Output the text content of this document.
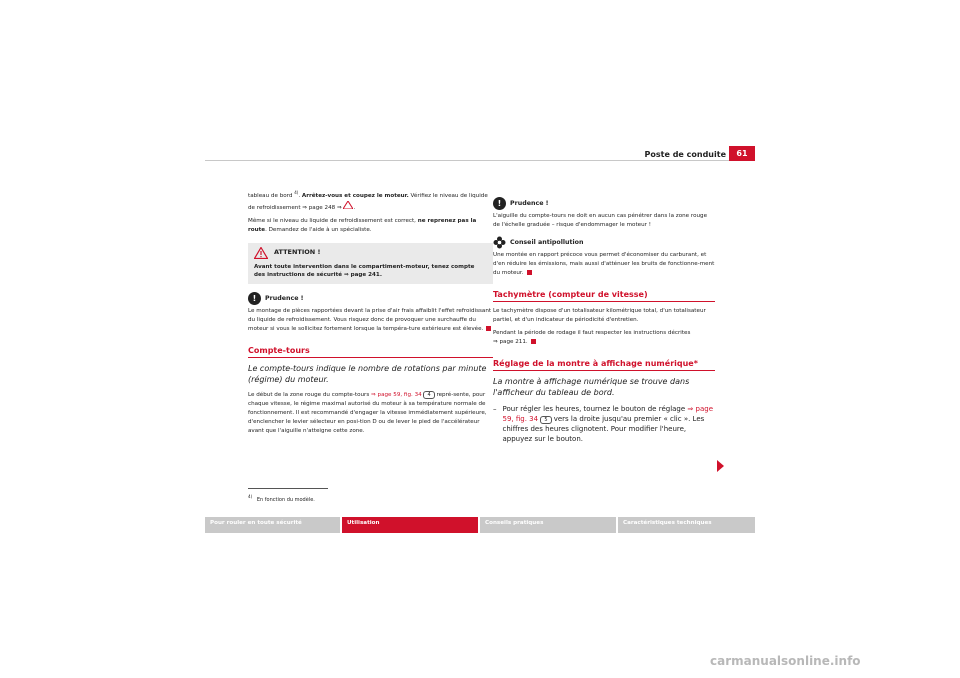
Poste de conduite	61

tableau de bord $^{4)}$. Arrêtez-vous et coupez le moteur. Vérifiez le niveau de liquide de refroidissement ⇒ page 248 ⇒ .

Même si le niveau du liquide de refroidissement est correct, ne reprenez pas la route. Demandez de l'aide à un spécialiste.

ATTENTION !
Avant toute intervention dans le compartiment-moteur, tenez compte des instructions de sécurité ⇒ page 241.
!	Prudence !

Le montage de pièces rapportées devant la prise d'air frais affaiblit l'effet refroidissant du liquide de refroidissement. Vous risquez donc de provoquer une surchauffe du moteur si vous le sollicitez fortement lorsque la tempéra-ture extérieure est élevée.

Compte-tours
Le compte-tours indique le nombre de rotations par minute (régime) du moteur.

Le début de la zone rouge du compte-tours ⇒ page 59, fig. 34 4 repré-sente, pour chaque vitesse, le régime maximal autorisé du moteur à sa température normale de fonctionnement. Il est recommandé d'engager la vitesse immédiatement supérieure, d'enclencher le levier sélecteur en posi-tion D ou de lever le pied de l'accélérateur avant que l'aiguille n'atteigne cette zone.

$^{4)}$ En fonction du modèle.
!	Prudence !

L'aiguille du compte-tours ne doit en aucun cas pénétrer dans la zone rouge de l'échelle graduée – risque d'endommager le moteur !

Conseil antipollution

Une montée en rapport précoce vous permet d'économiser du carburant, et d'en réduire les émissions, mais aussi d'atténuer les bruits de fonctionne-ment du moteur.

Tachymètre (compteur de vitesse)

Le tachymètre dispose d'un totalisateur kilométrique total, d'un totalisateur partiel, et d'un indicateur de périodicité d'entretien.

Pendant la période de rodage il faut respecter les instructions décrites
⇒ page 211.

Réglage de la montre à affichage numérique*
La montre à affichage numérique se trouve dans l'afficheur du tableau de bord.
– Pour régler les heures, tournez le bouton de réglage ⇒ page 59, fig. 34 5 vers la droite jusqu'au premier « clic ». Les chiffres des heures clignotent. Pour modifier l'heure, appuyez sur le bouton.
Pour rouler en toute sécurité	Utilisation	Conseils pratiques	Caractéristiques techniques
carmanualsonline.info
